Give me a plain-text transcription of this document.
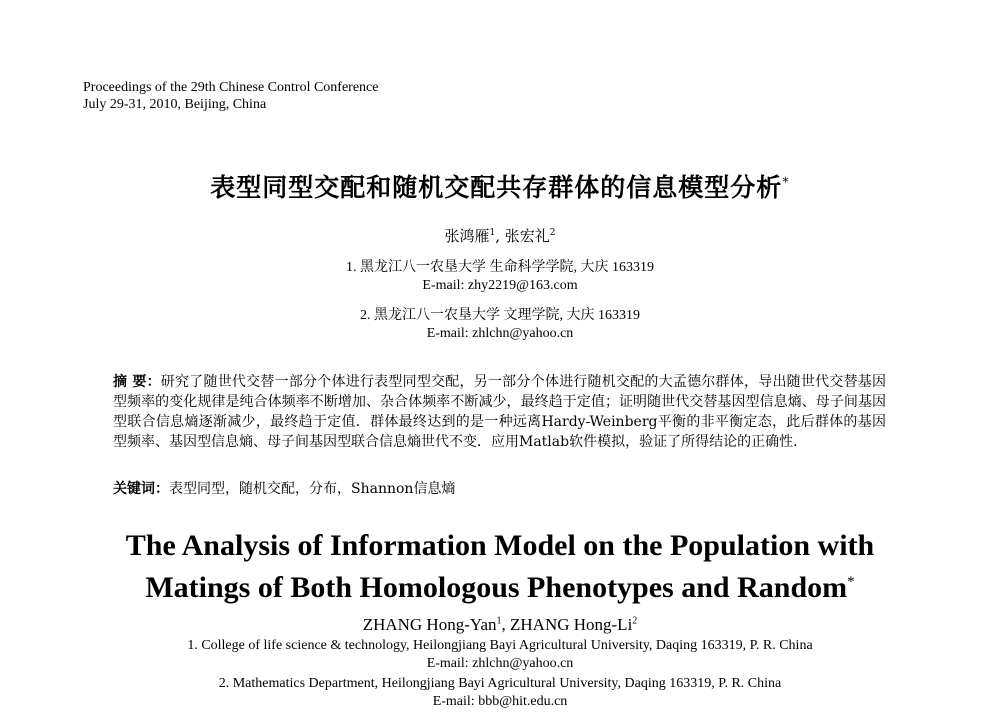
Proceedings of the 29th Chinese Control Conference
July 29-31, 2010, Beijing, China
表型同型交配和随机交配共存群体的信息模型分析*
张鸿雁$^1$, 张宏礼$^2$
1. 黑龙江八一农垦大学 生命科学学院, 大庆 163319
E-mail: zhy2219@163.com
2. 黑龙江八一农垦大学 文理学院, 大庆 163319
E-mail: zhlchn@yahoo.cn
摘 要：研究了随世代交替一部分个体进行表型同型交配，另一部分个体进行随机交配的大孟德尔群体，导出随世代交替基因型频率的变化规律是纯合体频率不断增加、杂合体频率不断减少，最终趋于定值；证明随世代交替基因型信息熵、母子间基因型联合信息熵逐渐减少，最终趋于定值．群体最终达到的是一种远离Hardy-Weinberg平衡的非平衡定态，此后群体的基因型频率、基因型信息熵、母子间基因型联合信息熵世代不变．应用Matlab软件模拟，验证了所得结论的正确性.
关键词：表型同型，随机交配，分布，Shannon信息熵
The Analysis of Information Model on the Population with
Matings of Both Homologous Phenotypes and Random*
ZHANG Hong-Yan$^1$, ZHANG Hong-Li$^2$
1. College of life science & technology, Heilongjiang Bayi Agricultural University, Daqing 163319, P. R. China
E-mail: zhlchn@yahoo.cn
2. Mathematics Department, Heilongjiang Bayi Agricultural University, Daqing 163319, P. R. China
E-mail: bbb@hit.edu.cn
